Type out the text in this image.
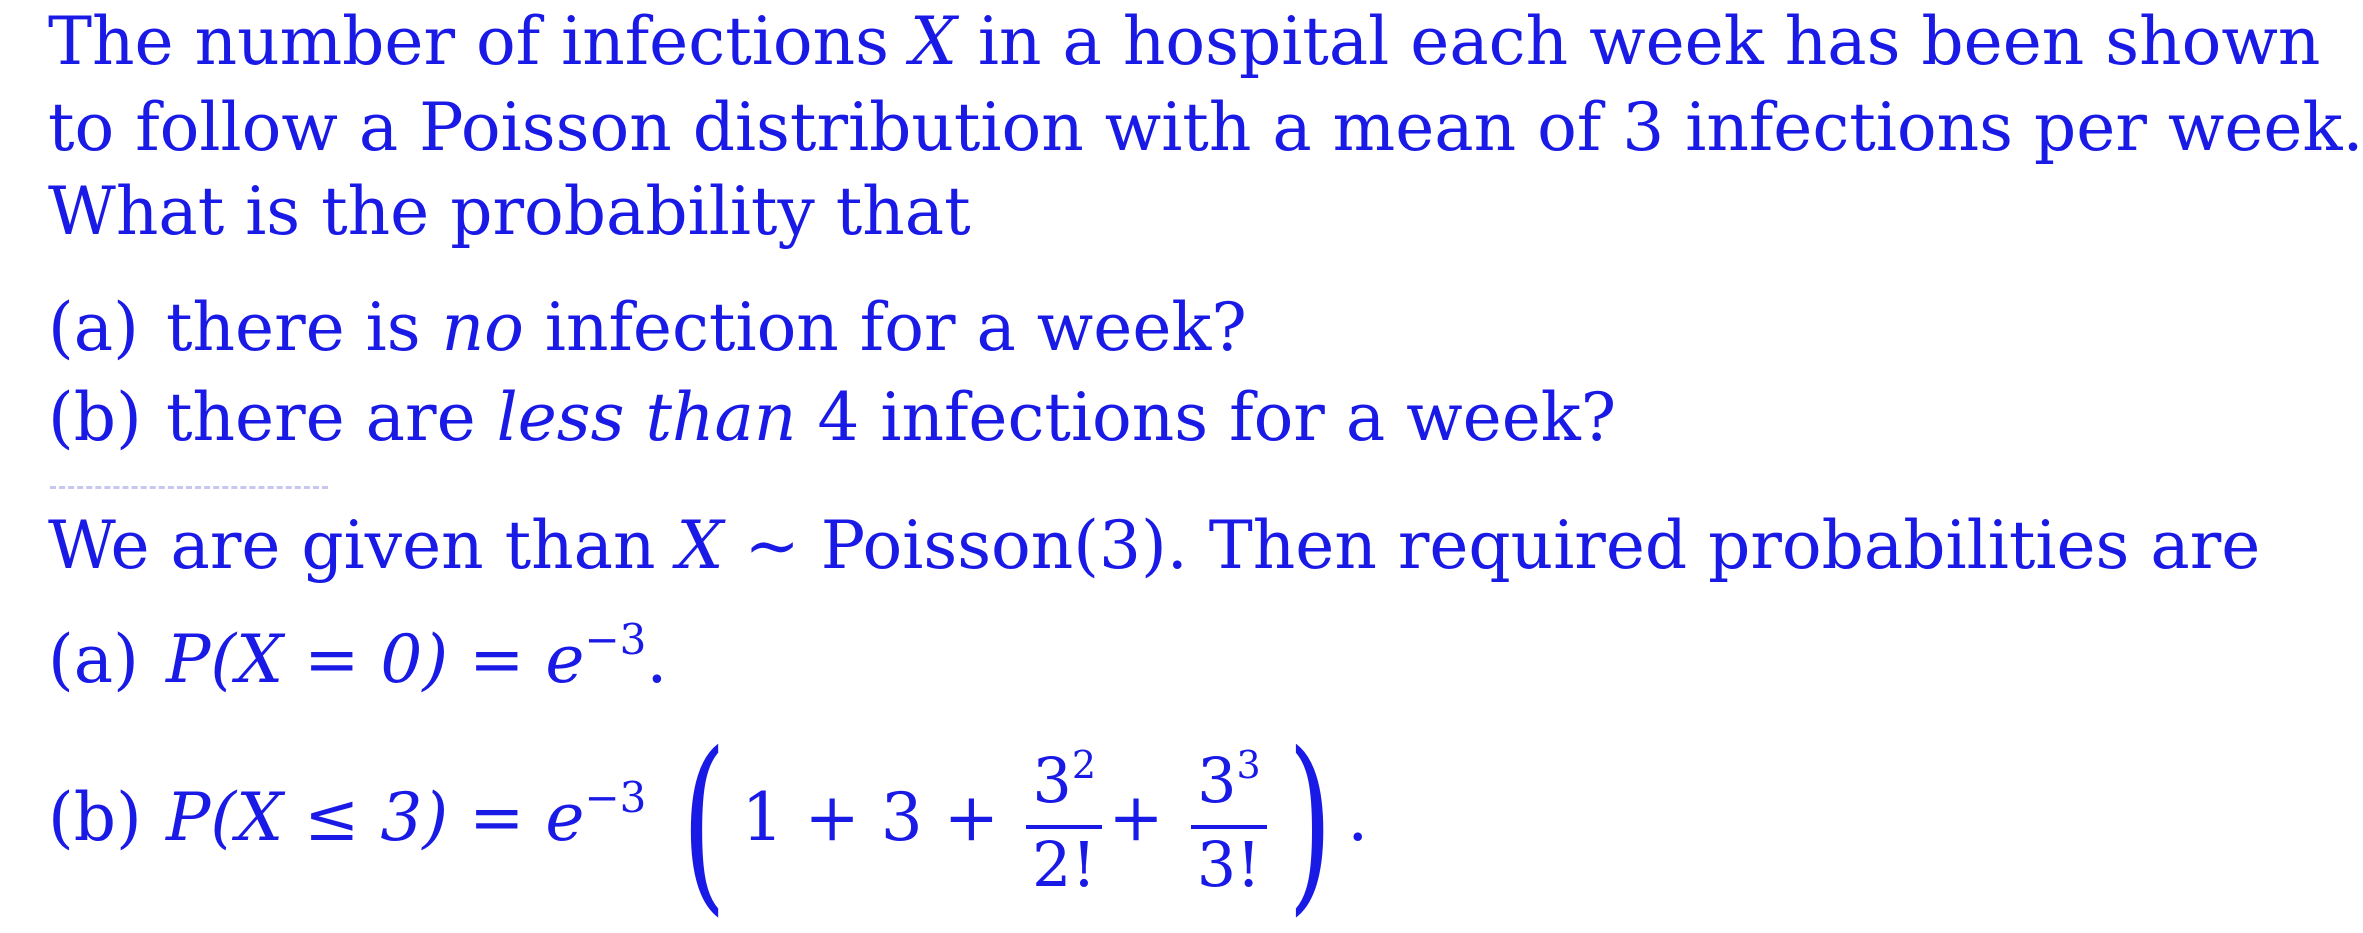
The number of infections X in a hospital each week has been shown
to follow a Poisson distribution with a mean of 3 infections per week.
What is the probability that
(a) there is no infection for a week?
(b) there are less than 4 infections for a week?
We are given than X ∼ Poisson(3). Then required probabilities are
(a) $P(X = 0) = e^{-3}$.
(b) $P(X \le 3) = e^{-3}$ ( $1 + 3 + \frac{3^2}{2!} + \frac{3^3}{3!}$ ) .
